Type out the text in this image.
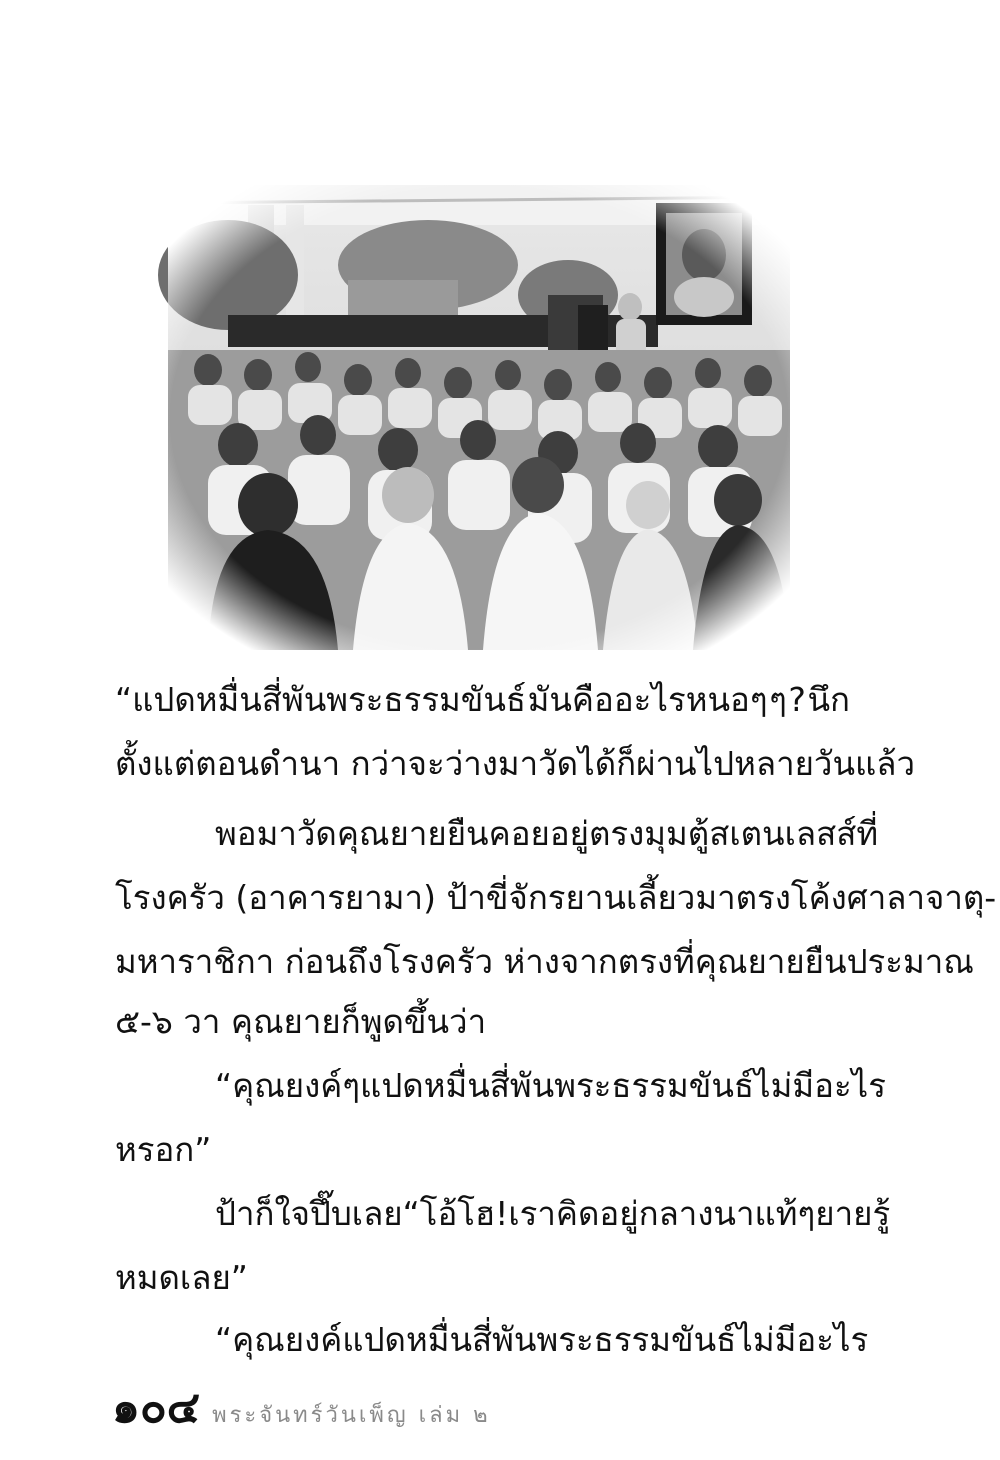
“แปดหมื่นสี่พันพระธรรมขันธ์ มันคืออะไรหนอๆ ๆ ? นึก
ตั้งแต่ตอนดำนา กว่าจะว่างมาวัดได้ก็ผ่านไปหลายวันแล้ว
พอมาวัด คุณยายยืนคอยอยู่ตรงมุมตู้สเตนเลสส์ ที่
โรงครัว (อาคารยามา) ป้าขี่จักรยานเลี้ยวมาตรงโค้งศาลาจาตุ-
มหาราชิกา ก่อนถึงโรงครัว ห่างจากตรงที่คุณยายยืนประมาณ
๕-๖ วา คุณยายก็พูดขึ้นว่า
“คุณยงค์ๆ แปดหมื่นสี่พันพระธรรมขันธ์ ไม่มีอะไร
หรอก”
ป้าก็ใจปึ๊บเลย “โอ้โฮ! เราคิดอยู่กลางนาแท้ๆ ยายรู้
หมดเลย”
“คุณยงค์แปดหมื่นสี่พันพระธรรมขันธ์ ไม่มีอะไร
๑๐๔ พระจันทร์วันเพ็ญ เล่ม ๒
